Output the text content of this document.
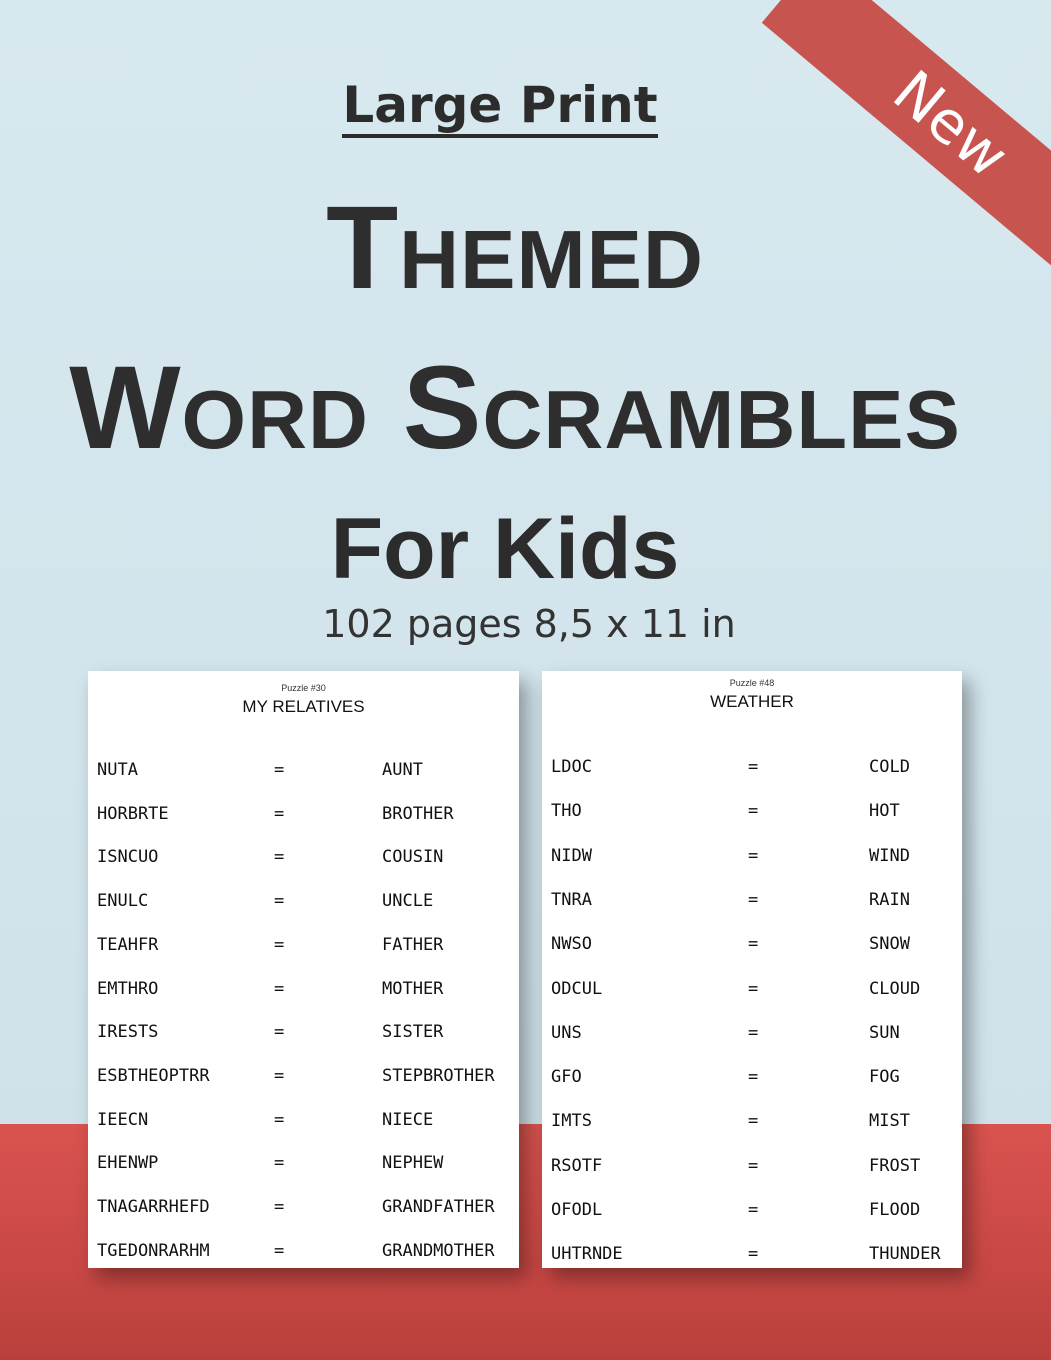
New
Large Print
Themed
Word Scrambles
For Kids
102 pages 8,5 x 11 in
Puzzle #30
MY RELATIVES
NUTA	=	AUNT
HORBRTE	=	BROTHER
ISNCUO	=	COUSIN
ENULC	=	UNCLE
TEAHFR	=	FATHER
EMTHRO	=	MOTHER
IRESTS	=	SISTER
ESBTHEOPTRR	=	STEPBROTHER
IEECN	=	NIECE
EHENWP	=	NEPHEW
TNAGARRHEFD	=	GRANDFATHER
TGEDONRARHM	=	GRANDMOTHER
Puzzle #48
WEATHER
LDOC	=	COLD
THO	=	HOT
NIDW	=	WIND
TNRA	=	RAIN
NWSO	=	SNOW
ODCUL	=	CLOUD
UNS	=	SUN
GFO	=	FOG
IMTS	=	MIST
RSOTF	=	FROST
OFODL	=	FLOOD
UHTRNDE	=	THUNDER
